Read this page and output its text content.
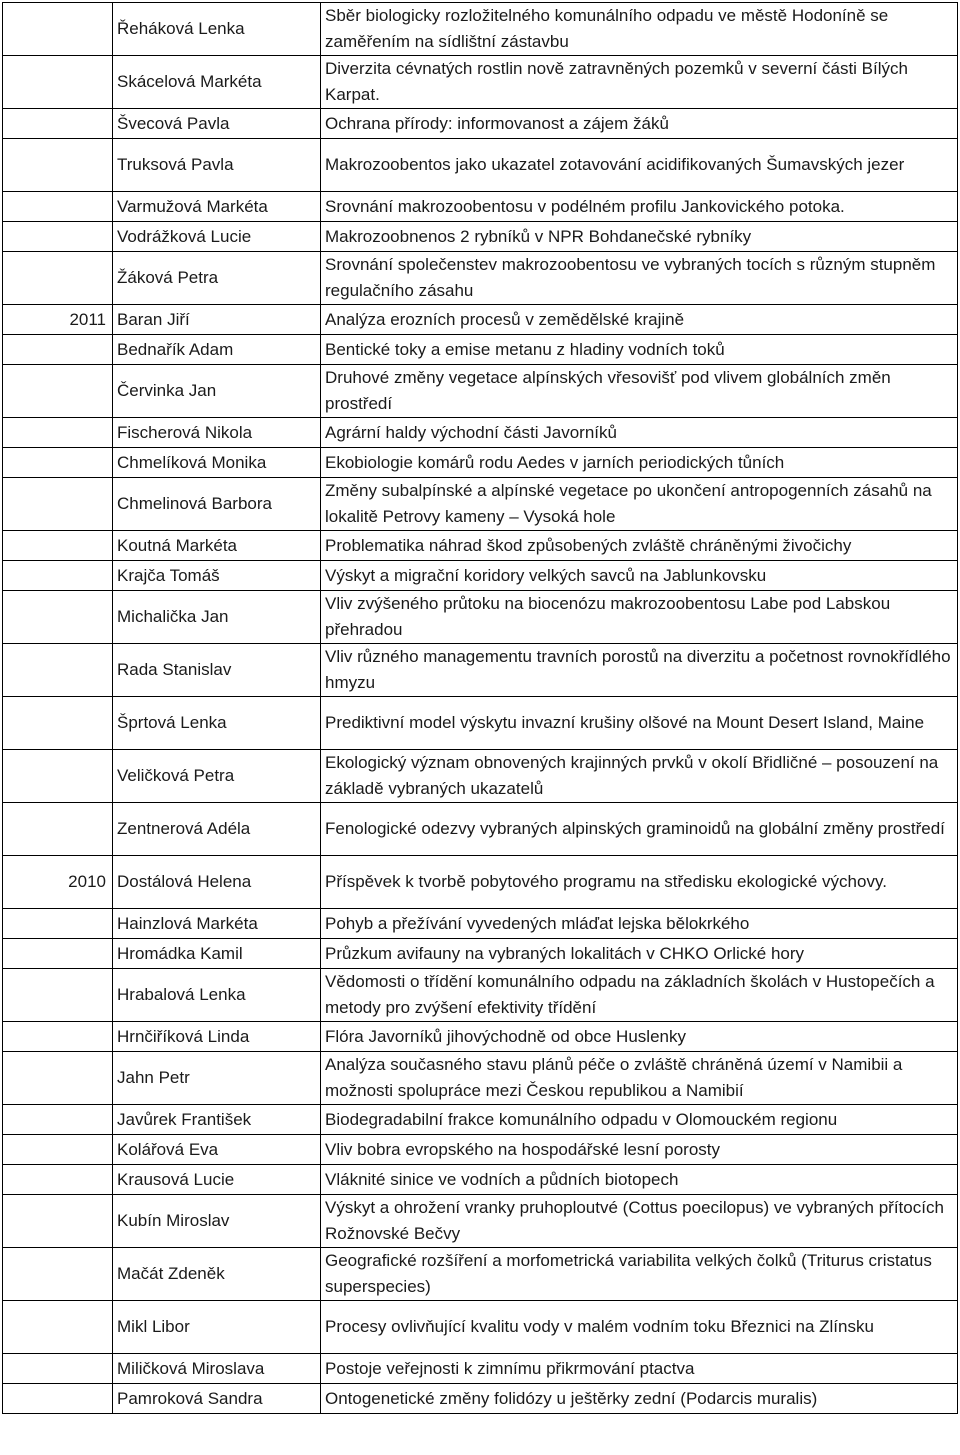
	Řeháková Lenka	Sběr biologicky rozložitelného komunálního odpadu ve městě Hodoníně se zaměřením na sídlištní zástavbu
	Skácelová Markéta	Diverzita cévnatých rostlin nově zatravněných pozemků v severní části Bílých Karpat.
	Švecová Pavla	Ochrana přírody: informovanost a zájem žáků
	Truksová Pavla	Makrozoobentos jako ukazatel zotavování acidifikovaných Šumavských jezer
	Varmužová Markéta	Srovnání makrozoobentosu v podélném profilu Jankovického potoka.
	Vodrážková Lucie	Makrozoobnenos 2 rybníků v NPR Bohdanečské rybníky
	Žáková Petra	Srovnání společenstev makrozoobentosu ve vybraných tocích s různým stupněm regulačního zásahu
2011	Baran Jiří	Analýza erozních procesů v zemědělské krajině
	Bednařík Adam	Bentické toky a emise metanu z hladiny vodních toků
	Červinka Jan	Druhové změny vegetace alpínských vřesovišť pod vlivem globálních změn prostředí
	Fischerová Nikola	Agrární haldy východní části Javorníků
	Chmelíková Monika	Ekobiologie komárů rodu Aedes v jarních periodických tůních
	Chmelinová Barbora	Změny subalpínské a alpínské vegetace po ukončení antropogenních zásahů na lokalitě Petrovy kameny – Vysoká hole
	Koutná Markéta	Problematika náhrad škod způsobených zvláště chráněnými živočichy
	Krajča Tomáš	Výskyt a migrační koridory velkých savců na Jablunkovsku
	Michalička Jan	Vliv zvýšeného průtoku na biocenózu makrozoobentosu Labe pod Labskou přehradou
	Rada Stanislav	Vliv různého managementu travních porostů na diverzitu a početnost rovnokřídlého hmyzu
	Šprtová Lenka	Prediktivní model výskytu invazní krušiny olšové na Mount Desert Island, Maine
	Veličková Petra	Ekologický význam obnovených krajinných prvků v okolí Břidličné – posouzení na základě vybraných ukazatelů
	Zentnerová Adéla	Fenologické odezvy vybraných alpinských graminoidů na globální změny prostředí
2010	Dostálová Helena	Příspěvek k tvorbě pobytového programu na středisku ekologické výchovy.
	Hainzlová Markéta	Pohyb a přežívání vyvedených mláďat lejska bělokrkého
	Hromádka Kamil	Průzkum avifauny na vybraných lokalitách v CHKO Orlické hory
	Hrabalová Lenka	Vědomosti o třídění komunálního odpadu na základních školách v Hustopečích a metody pro zvýšení efektivity třídění
	Hrnčiříková Linda	Flóra Javorníků jihovýchodně od obce Huslenky
	Jahn Petr	Analýza současného stavu plánů péče o zvláště chráněná území v Namibii a možnosti spolupráce mezi Českou republikou a Namibií
	Javůrek František	Biodegradabilní frakce komunálního odpadu v Olomouckém regionu
	Kolářová Eva	Vliv bobra evropského na hospodářské lesní porosty
	Krausová Lucie	Vláknité sinice ve vodních a půdních biotopech
	Kubín Miroslav	Výskyt a ohrožení vranky pruhoploutvé (Cottus poecilopus) ve vybraných přítocích Rožnovské Bečvy
	Mačát Zdeněk	Geografické rozšíření a morfometrická variabilita velkých čolků (Triturus cristatus superspecies)
	Mikl Libor	Procesy ovlivňující kvalitu vody v malém vodním toku Březnici na Zlínsku
	Miličková Miroslava	Postoje veřejnosti k zimnímu přikrmování ptactva
	Pamroková Sandra	Ontogenetické změny folidózy u ještěrky zední (Podarcis muralis)
